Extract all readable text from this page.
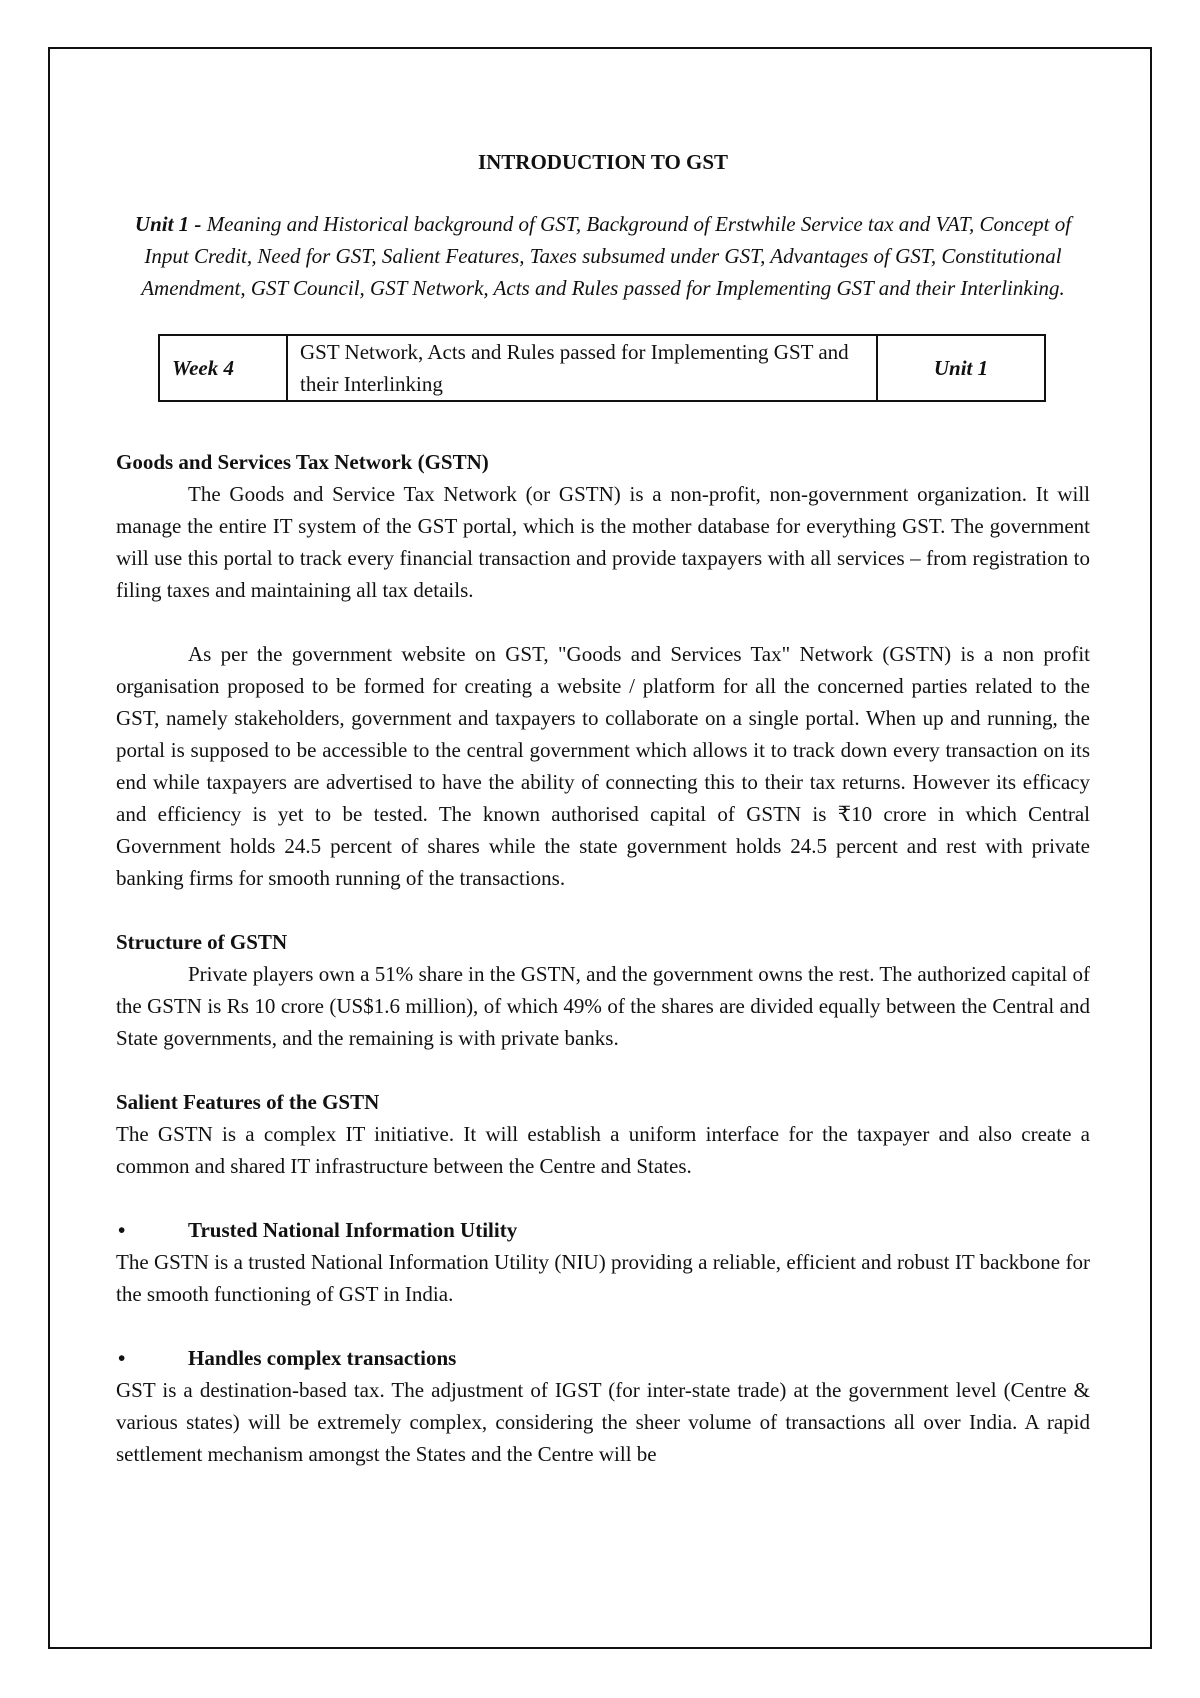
INTRODUCTION TO GST

Unit 1 - Meaning and Historical background of GST, Background of Erstwhile Service tax and VAT, Concept of Input Credit, Need for GST, Salient Features, Taxes subsumed under GST, Advantages of GST, Constitutional Amendment, GST Council, GST Network, Acts and Rules passed for Implementing GST and their Interlinking.

Week 4	GST Network, Acts and Rules passed for Implementing GST and their Interlinking	Unit 1
Goods and Services Tax Network (GSTN)

The Goods and Service Tax Network (or GSTN) is a non-profit, non-government organization. It will manage the entire IT system of the GST portal, which is the mother database for everything GST. The government will use this portal to track every financial transaction and provide taxpayers with all services – from registration to filing taxes and maintaining all tax details.

As per the government website on GST, "Goods and Services Tax" Network (GSTN) is a non profit organisation proposed to be formed for creating a website / platform for all the concerned parties related to the GST, namely stakeholders, government and taxpayers to collaborate on a single portal. When up and running, the portal is supposed to be accessible to the central government which allows it to track down every transaction on its end while taxpayers are advertised to have the ability of connecting this to their tax returns. However its efficacy and efficiency is yet to be tested. The known authorised capital of GSTN is ₹10 crore in which Central Government holds 24.5 percent of shares while the state government holds 24.5 percent and rest with private banking firms for smooth running of the transactions.

Structure of GSTN

Private players own a 51% share in the GSTN, and the government owns the rest. The authorized capital of the GSTN is Rs 10 crore (US$1.6 million), of which 49% of the shares are divided equally between the Central and State governments, and the remaining is with private banks.

Salient Features of the GSTN

The GSTN is a complex IT initiative. It will establish a uniform interface for the taxpayer and also create a common and shared IT infrastructure between the Centre and States.

•	Trusted National Information Utility

The GSTN is a trusted National Information Utility (NIU) providing a reliable, efficient and robust IT backbone for the smooth functioning of GST in India.

•	Handles complex transactions

GST is a destination-based tax. The adjustment of IGST (for inter-state trade) at the government level (Centre & various states) will be extremely complex, considering the sheer volume of transactions all over India. A rapid settlement mechanism amongst the States and the Centre will be
